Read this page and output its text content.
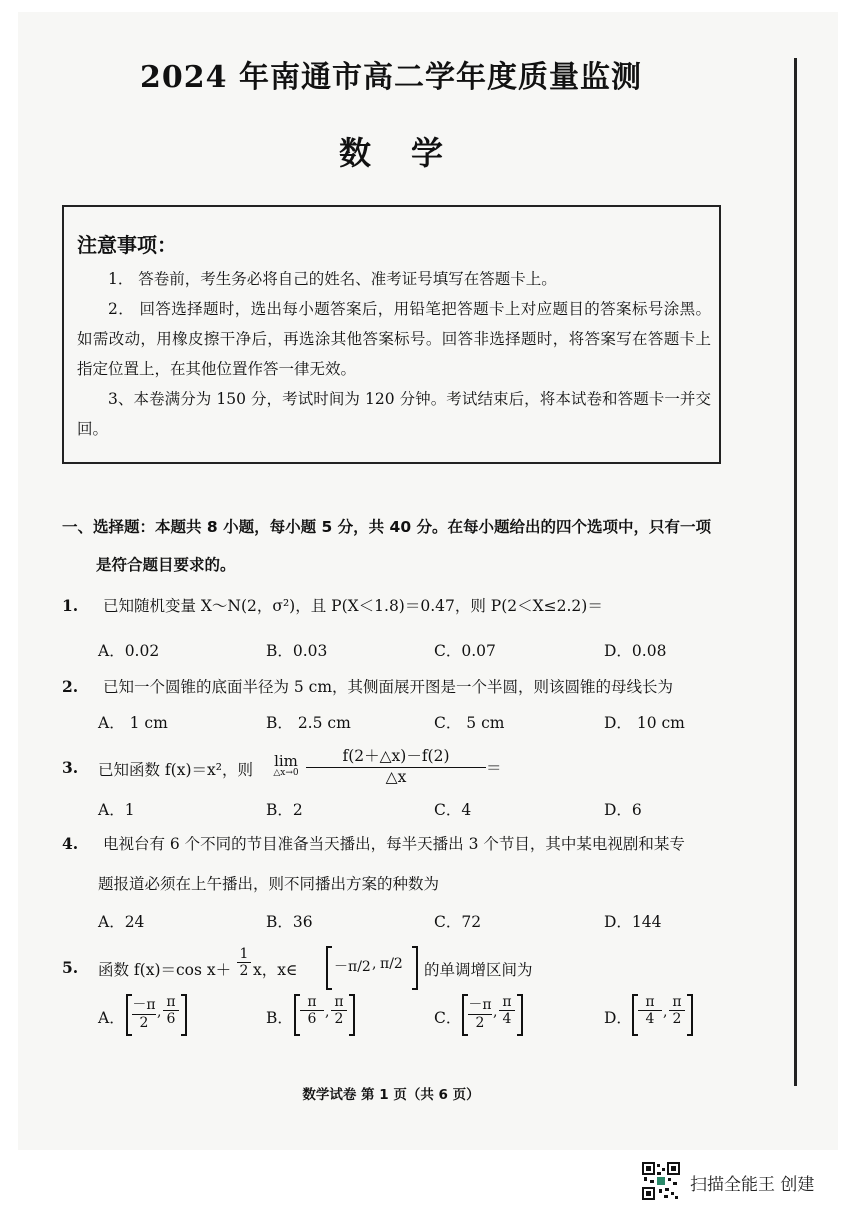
2024 年南通市高二学年度质量监测
数学
注意事项：

1． 答卷前，考生务必将自己的姓名、准考证号填写在答题卡上。

2． 回答选择题时，选出每小题答案后，用铅笔把答题卡上对应题目的答案标号涂黑。如需改动，用橡皮擦干净后，再选涂其他答案标号。回答非选择题时，将答案写在答题卡上指定位置上，在其他位置作答一律无效。

3、本卷满分为 150 分，考试时间为 120 分钟。考试结束后，将本试卷和答题卡一并交回。

一、选择题：本题共 8 小题，每小题 5 分，共 40 分。在每小题给出的四个选项中，只有一项
是符合题目要求的。
1. 已知随机变量 X～N(2，σ²)，且 P(X＜1.8)＝0.47，则 P(2＜X≤2.2)＝
A．0.02	B．0.03	C．0.07	D．0.08
2. 已知一个圆锥的底面半径为 5 cm，其侧面展开图是一个半圆，则该圆锥的母线长为
A． 1 cm	B． 2.5 cm	C． 5 cm	D． 10 cm
3.	已知函数 f(x)＝x²，则 lim
△x→0 $\frac{f(2+\triangle x)-f(2)}{\triangle x}$ ＝
A．1	B．2	C．4	D．6
4. 电视台有 6 个不同的节目准备当天播出，每半天播出 3 个节目，其中某电视剧和某专
题报道必须在上午播出，则不同播出方案的种数为
A．24	B．36	C．72	D．144
5.	函数 f(x)＝cos $x+ \frac{1}{2}$ x，x∈	－π/2 , π/2 的单调增区间为
A． $\frac{-\pi}{2}$ , $\frac{\pi}{6}$	B． $\frac{\pi}{6}$ , $\frac{\pi}{2}$	C． $\frac{-\pi}{2}$ , $\frac{\pi}{4}$	D． $\frac{\pi}{4}$ , $\frac{\pi}{2}$
数学试卷 第 1 页（共 6 页）
扫描全能王 创建
